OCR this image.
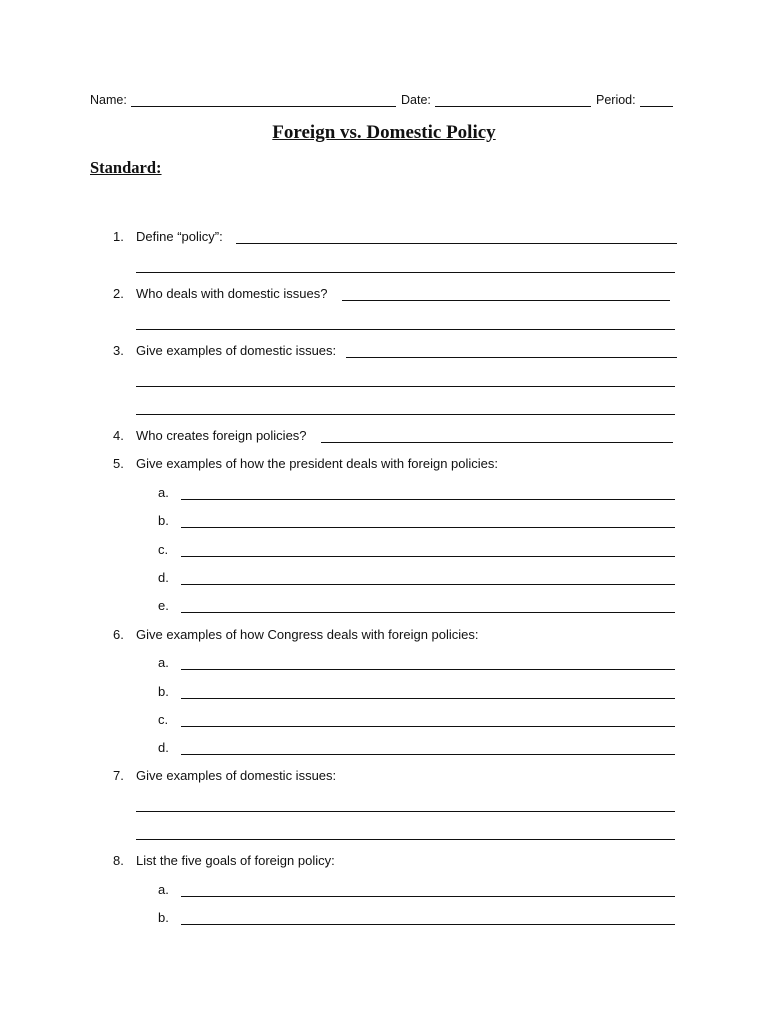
Name:	Date:	Period:
Foreign vs. Domestic Policy
Standard:
1. Define “policy”:
2. Who deals with domestic issues?
3. Give examples of domestic issues:
4. Who creates foreign policies?
5. Give examples of how the president deals with foreign policies:
a.
b.
c.
d.
e.
6. Give examples of how Congress deals with foreign policies:
a.
b.
c.
d.
7. Give examples of domestic issues:
8. List the five goals of foreign policy:
a.
b.
